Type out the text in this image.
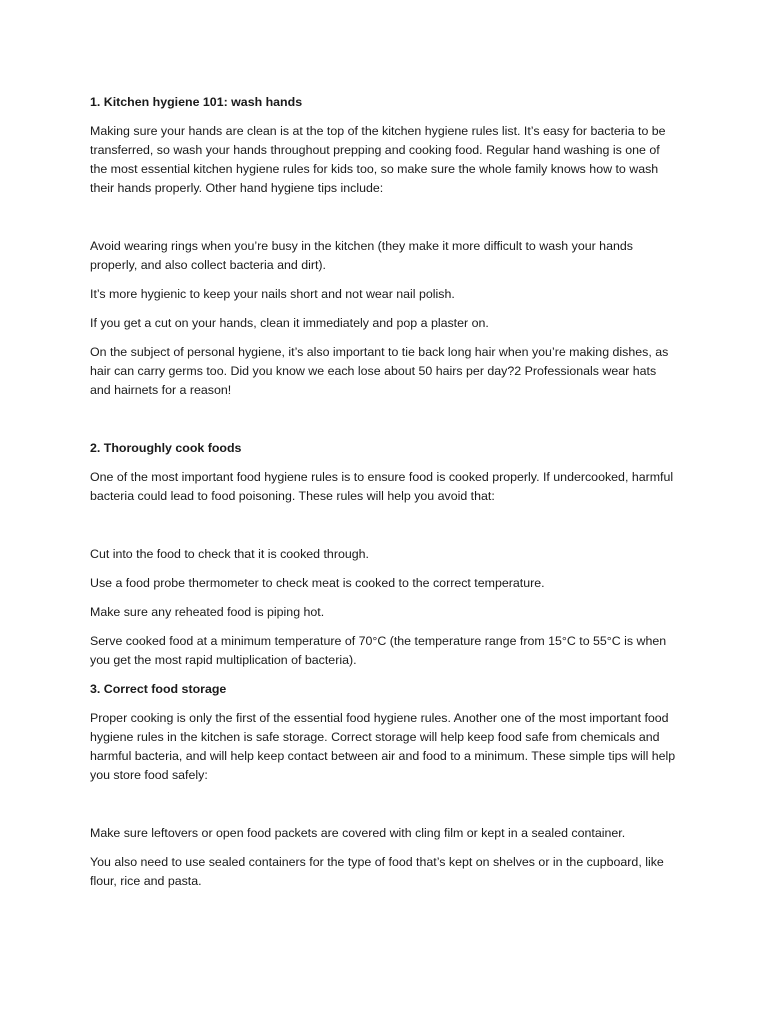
1. Kitchen hygiene 101: wash hands

Making sure your hands are clean is at the top of the kitchen hygiene rules list. It’s easy for bacteria to be transferred, so wash your hands throughout prepping and cooking food. Regular hand washing is one of the most essential kitchen hygiene rules for kids too, so make sure the whole family knows how to wash their hands properly. Other hand hygiene tips include:

Avoid wearing rings when you’re busy in the kitchen (they make it more difficult to wash your hands properly, and also collect bacteria and dirt).

It’s more hygienic to keep your nails short and not wear nail polish.

If you get a cut on your hands, clean it immediately and pop a plaster on.

On the subject of personal hygiene, it’s also important to tie back long hair when you’re making dishes, as hair can carry germs too. Did you know we each lose about 50 hairs per day?2 Professionals wear hats and hairnets for a reason!

2. Thoroughly cook foods

One of the most important food hygiene rules is to ensure food is cooked properly. If undercooked, harmful bacteria could lead to food poisoning. These rules will help you avoid that:

Cut into the food to check that it is cooked through.

Use a food probe thermometer to check meat is cooked to the correct temperature.

Make sure any reheated food is piping hot.

Serve cooked food at a minimum temperature of 70°C (the temperature range from 15°C to 55°C is when you get the most rapid multiplication of bacteria).

3. Correct food storage

Proper cooking is only the first of the essential food hygiene rules. Another one of the most important food hygiene rules in the kitchen is safe storage. Correct storage will help keep food safe from chemicals and harmful bacteria, and will help keep contact between air and food to a minimum. These simple tips will help you store food safely:

Make sure leftovers or open food packets are covered with cling film or kept in a sealed container.

You also need to use sealed containers for the type of food that’s kept on shelves or in the cupboard, like flour, rice and pasta.
